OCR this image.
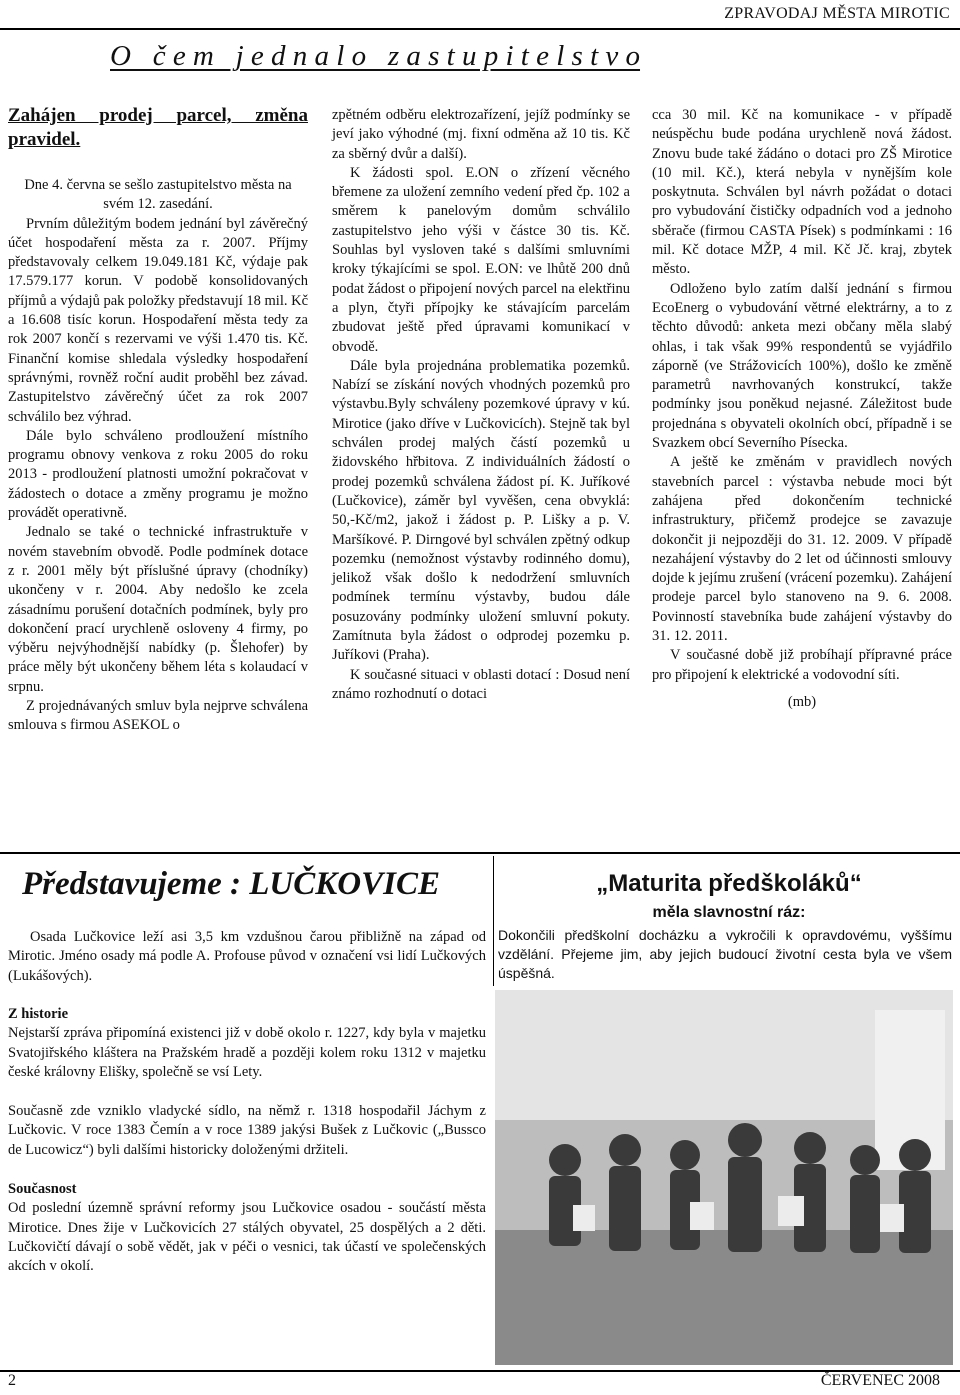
ZPRAVODAJ MĚSTA MIROTIC
O   č e m   j e d n a l o   z a s t u p i t e l s t v o
Zahájen prodej parcel, změna pravidel.

Dne 4. června se sešlo zastupitelstvo města na svém 12. zasedání.

Prvním důležitým bodem jednání byl závěrečný účet hospodaření města za r. 2007. Příjmy představovaly celkem 19.049.181 Kč, výdaje pak 17.579.177 korun. V podobě konsolidovaných příjmů a výdajů pak položky představují 18 mil. Kč a 16.608 tisíc korun. Hospodaření města tedy za rok 2007 končí s rezervami ve výši 1.470 tis. Kč. Finanční komise shledala výsledky hospodaření správnými, rovněž roční audit proběhl bez závad. Zastupitelstvo závěrečný účet za rok 2007 schválilo bez výhrad.

Dále bylo schváleno prodloužení místního programu obnovy venkova z roku 2005 do roku 2013 - prodloužení platnosti umožní pokračovat v žádostech o dotace a změny programu je možno provádět operativně.

Jednalo se také o technické infrastruktuře v novém stavebním obvodě. Podle podmínek dotace z r. 2001 měly být příslušné úpravy (chodníky) ukončeny v r. 2004. Aby nedošlo ke zcela zásadnímu porušení dotačních podmínek, byly pro dokončení prací urychleně osloveny 4 firmy, po výběru nejvýhodnější nabídky (p. Šlehofer) by práce měly být ukončeny během léta s kolaudací v srpnu.

Z projednávaných smluv byla nejprve schválena smlouva s firmou ASEKOL o

zpětném odběru elektrozařízení, jejíž podmínky se jeví jako výhodné (mj. fixní odměna až 10 tis. Kč za sběrný dvůr a další).

K žádosti spol. E.ON o zřízení věcného břemene za uložení zemního vedení před čp. 102 a směrem k panelovým domům schválilo zastupitelstvo jeho výši v částce 30 tis. Kč. Souhlas byl vysloven také s dalšími smluvními kroky týkajícími se spol. E.ON: ve lhůtě 200 dnů podat žádost o připojení nových parcel na elektřinu a plyn, čtyři přípojky ke stávajícím parcelám zbudovat ještě před úpravami komunikací v obvodě.

Dále byla projednána problematika pozemků. Nabízí se získání nových vhodných pozemků pro výstavbu.Byly schváleny pozemkové úpravy v kú. Mirotice (jako dříve v Lučkovicích). Stejně tak byl schválen prodej malých částí pozemků u židovského hřbitova. Z individuálních žádostí o prodej pozemků schválena žádost pí. K. Juříkové (Lučkovice), záměr byl vyvěšen, cena obvyklá: 50,-Kč/m2, jakož i žádost p. P. Lišky a p. V. Maršíkové. P. Dirngové byl schválen zpětný odkup pozemku (nemožnost výstavby rodinného domu), jelikož však došlo k nedodržení smluvních podmínek termínu výstavby, budou dále posuzovány podmínky uložení smluvní pokuty. Zamítnuta byla žádost o odprodej pozemku p. Juříkovi (Praha).

K současné situaci v oblasti dotací : Dosud není známo rozhodnutí o dotaci

cca 30 mil. Kč na komunikace - v případě neúspěchu bude podána urychleně nová žádost. Znovu bude také žádáno o dotaci pro ZŠ Mirotice (10 mil. Kč.), která nebyla v nynějším kole poskytnuta. Schválen byl návrh požádat o dotaci pro vybudování čističky odpadních vod a jednoho sběrače (firmou CASTA Písek) s podmínkami : 16 mil. Kč dotace MŽP, 4 mil. Kč Jč. kraj, zbytek město.

Odloženo bylo zatím další jednání s firmou EcoEnerg o vybudování větrné elektrárny, a to z těchto důvodů: anketa mezi občany měla slabý ohlas, i tak však 99% respondentů se vyjádřilo záporně (ve Strážovicích 100%), došlo ke změně parametrů navrhovaných konstrukcí, takže podmínky jsou poněkud nejasné. Záležitost bude projednána s obyvateli okolních obcí, případně i se Svazkem obcí Severního Písecka.

A ještě ke změnám v pravidlech nových stavebních parcel : výstavba nebude moci být zahájena před dokončením technické infrastruktury, přičemž prodejce se zavazuje dokončit ji nejpozději do 31. 12. 2009. V případě nezahájení výstavby do 2 let od účinnosti smlouvy dojde k jejímu zrušení (vrácení pozemku). Zahájení prodeje parcel bylo stanoveno na 9. 6. 2008. Povinností stavebníka bude zahájení výstavby do 31. 12. 2011.

V současné době již probíhají přípravné práce pro připojení k elektrické a vodovodní síti.

(mb)

Představujeme : LUČKOVICE
Osada Lučkovice leží asi 3,5 km vzdušnou čarou přibližně na západ od Mirotic. Jméno osady má podle A. Profouse původ v označení vsi lidí Lučkových (Lukášových).

Z historie

Nejstarší zpráva připomíná existenci již v době okolo r. 1227, kdy byla v majetku Svatojiřského kláštera na Pražském hradě a později kolem roku 1312 v majetku české královny Elišky, společně se vsí Lety.

Současně zde vzniklo vladycké sídlo, na němž r. 1318 hospodařil Jáchym z Lučkovic. V roce 1383 Čemín a v roce 1389 jakýsi Bušek z Lučkovic („Bussco de Lucowicz“) byli dalšími historicky doloženými držiteli.

Současnost

Od poslední územně správní reformy jsou Lučkovice osadou - součástí města Mirotice. Dnes žije v Lučkovicích 27 stálých obyvatel, 25 dospělých a 2 děti. Lučkovičtí dávají o sobě vědět, jak v péči o vesnici, tak účastí ve společenských akcích v okolí.

„Maturita předškoláků“
měla slavnostní ráz:
Dokončili předškolní docházku a vykročili k opravdovému, vyššímu vzdělání. Přejeme jim, aby jejich budoucí životní cesta byla ve všem úspěšná.
2	ČERVENEC 2008
